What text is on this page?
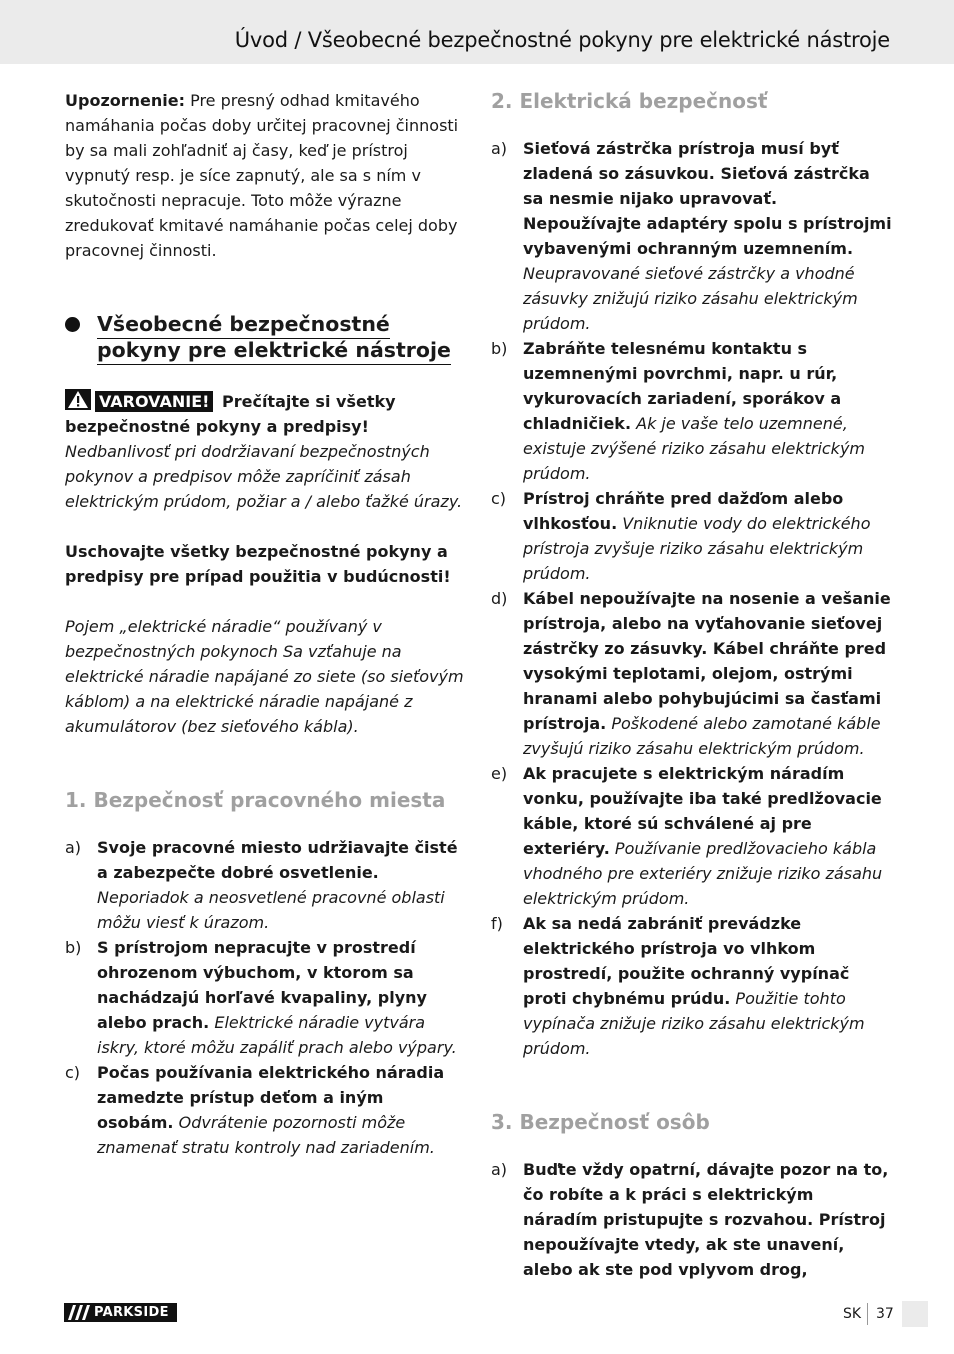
Úvod / Všeobecné bezpečnostné pokyny pre elektrické nástroje

Upozornenie: Pre presný odhad kmitavého namáhania počas doby určitej pracovnej činnosti by sa mali zohľadniť aj časy, keď je prístroj vypnutý resp. je síce zapnutý, ale sa s ním v skutočnosti nepracuje. Toto môže výrazne zredukovať kmitavé namáhanie počas celej doby pracovnej činnosti.

Všeobecné bezpečnostné pokyny pre elektrické nástroje

VAROVANIE! Prečítajte si všetky bezpečnostné pokyny a predpisy! Nedbanlivosť pri dodržiavaní bezpečnostných pokynov a predpisov môže zapríčiniť zásah elektrickým prúdom, požiar a / alebo ťažké úrazy.

Uschovajte všetky bezpečnostné pokyny a predpisy pre prípad použitia v budúcnosti!

Pojem „elektrické náradie“ používaný v bezpečnostných pokynoch Sa vzťahuje na elektrické náradie napájané zo siete (so sieťovým káblom) a na elektrické náradie napájané z akumulátorov (bez sieťového kábla).

1. Bezpečnosť pracovného miesta
a) Svoje pracovné miesto udržiavajte čisté a zabezpečte dobré osvetlenie. Neporiadok a neosvetlené pracovné oblasti môžu viesť k úrazom.

b) S prístrojom nepracujte v prostredí ohrozenom výbuchom, v ktorom sa nachádzajú horľavé kvapaliny, plyny alebo prach. Elektrické náradie vytvára iskry, ktoré môžu zapáliť prach alebo výpary.

c) Počas používania elektrického náradia zamedzte prístup deťom a iným osobám. Odvrátenie pozornosti môže znamenať stratu kontroly nad zariadením.

2. Elektrická bezpečnosť
a) Sieťová zástrčka prístroja musí byť zladená so zásuvkou. Sieťová zástrčka sa nesmie nijako upravovať. Nepoužívajte adaptéry spolu s prístrojmi vybavenými ochranným uzemnením. Neupravované sieťové zástrčky a vhodné zásuvky znižujú riziko zásahu elektrickým prúdom.

b) Zabráňte telesnému kontaktu s uzemnenými povrchmi, napr. u rúr, vykurovacích zariadení, sporákov a chladničiek. Ak je vaše telo uzemnené, existuje zvýšené riziko zásahu elektrickým prúdom.

c) Prístroj chráňte pred dažďom alebo vlhkosťou. Vniknutie vody do elektrického prístroja zvyšuje riziko zásahu elektrickým prúdom.

d) Kábel nepoužívajte na nosenie a vešanie prístroja, alebo na vyťahovanie sieťovej zástrčky zo zásuvky. Kábel chráňte pred vysokými teplotami, olejom, ostrými hranami alebo pohybujúcimi sa časťami prístroja. Poškodené alebo zamotané káble zvyšujú riziko zásahu elektrickým prúdom.

e) Ak pracujete s elektrickým náradím vonku, používajte iba také predlžovacie káble, ktoré sú schválené aj pre exteriéry. Používanie predlžovacieho kábla vhodného pre exteriéry znižuje riziko zásahu elektrickým prúdom.

f) Ak sa nedá zabrániť prevádzke elektrického prístroja vo vlhkom prostredí, použite ochranný vypínač proti chybnému prúdu. Použitie tohto vypínača znižuje riziko zásahu elektrickým prúdom.

3. Bezpečnosť osôb
a) Buďte vždy opatrní, dávajte pozor na to, čo robíte a k práci s elektrickým náradím pristupujte s rozvahou. Prístroj nepoužívajte vtedy, ak ste unavení, alebo ak ste pod vplyvom drog,

PARKSIDE	SK 37
